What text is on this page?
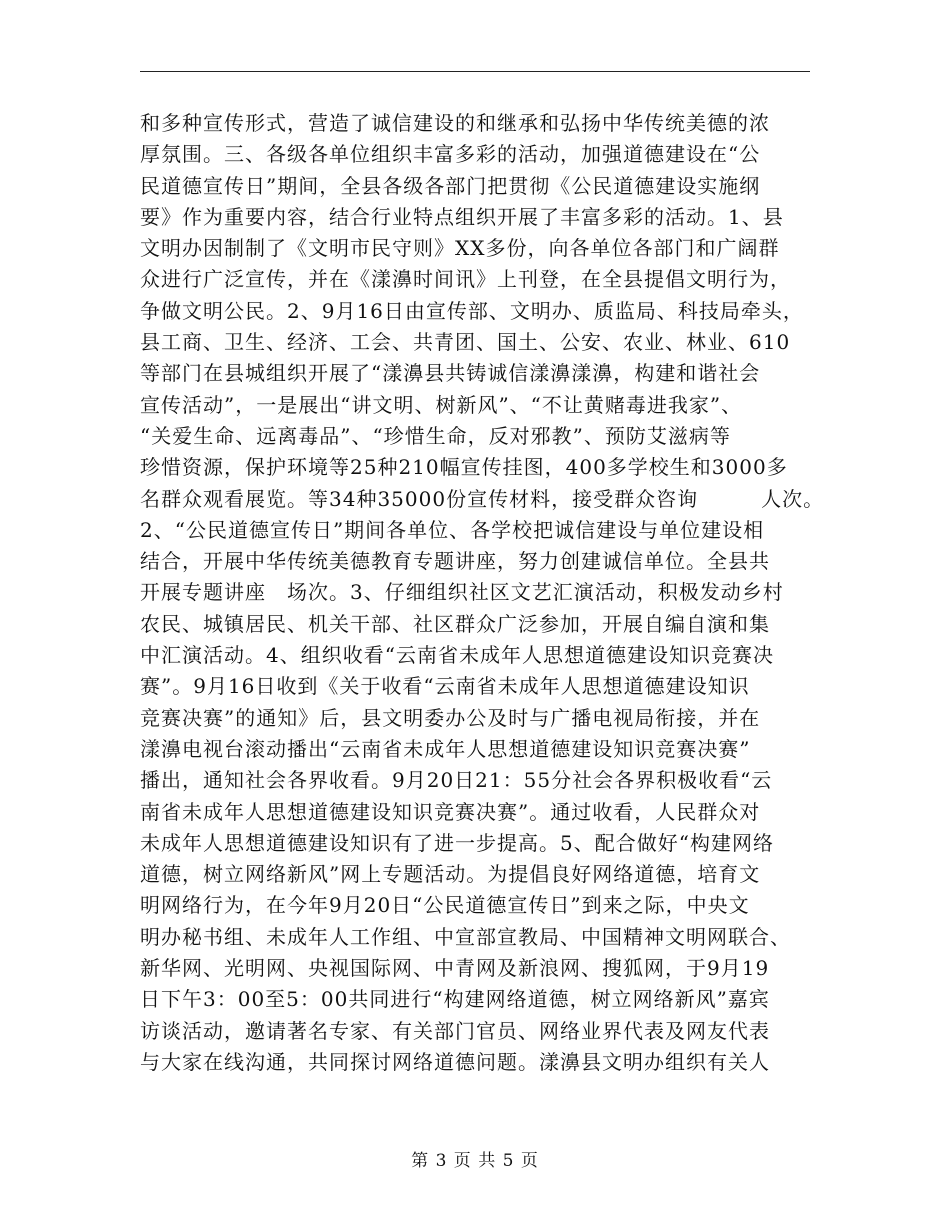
和多种宣传形式，营造了诚信建设的和继承和弘扬中华传统美德的浓
厚氛围。三、各级各单位组织丰富多彩的活动，加强道德建设在“公
民道德宣传日”期间，全县各级各部门把贯彻《公民道德建设实施纲
要》作为重要内容，结合行业特点组织开展了丰富多彩的活动。1、县
文明办因制制了《文明市民守则》XX多份，向各单位各部门和广阔群
众进行广泛宣传，并在《漾濞时间讯》上刊登，在全县提倡文明行为，
争做文明公民。2、9月16日由宣传部、文明办、质监局、科技局牵头，
县工商、卫生、经济、工会、共青团、国土、公安、农业、林业、610
等部门在县城组织开展了“漾濞县共铸诚信漾濞漾濞，构建和谐社会
宣传活动”，一是展出“讲文明、树新风”、“不让黄赌毒进我家”、
“关爱生命、远离毒品”、“珍惜生命，反对邪教”、预防艾滋病等
珍惜资源，保护环境等25种210幅宣传挂图，400多学校生和3000多
名群众观看展览。等34种35000份宣传材料，接受群众咨询　　　人次。
2、“公民道德宣传日”期间各单位、各学校把诚信建设与单位建设相
结合，开展中华传统美德教育专题讲座，努力创建诚信单位。全县共
开展专题讲座　场次。3、仔细组织社区文艺汇演活动，积极发动乡村
农民、城镇居民、机关干部、社区群众广泛参加，开展自编自演和集
中汇演活动。4、组织收看“云南省未成年人思想道德建设知识竞赛决
赛”。9月16日收到《关于收看“云南省未成年人思想道德建设知识
竞赛决赛”的通知》后，县文明委办公及时与广播电视局衔接，并在
漾濞电视台滚动播出“云南省未成年人思想道德建设知识竞赛决赛”
播出，通知社会各界收看。9月20日21：55分社会各界积极收看“云
南省未成年人思想道德建设知识竞赛决赛”。通过收看，人民群众对
未成年人思想道德建设知识有了进一步提高。5、配合做好“构建网络
道德，树立网络新风”网上专题活动。为提倡良好网络道德，培育文
明网络行为，在今年9月20日“公民道德宣传日”到来之际，中央文
明办秘书组、未成年人工作组、中宣部宣教局、中国精神文明网联合、
新华网、光明网、央视国际网、中青网及新浪网、搜狐网，于9月19
日下午3：00至5：00共同进行“构建网络道德，树立网络新风”嘉宾
访谈活动，邀请著名专家、有关部门官员、网络业界代表及网友代表
与大家在线沟通，共同探讨网络道德问题。漾濞县文明办组织有关人
第 3 页 共 5 页
